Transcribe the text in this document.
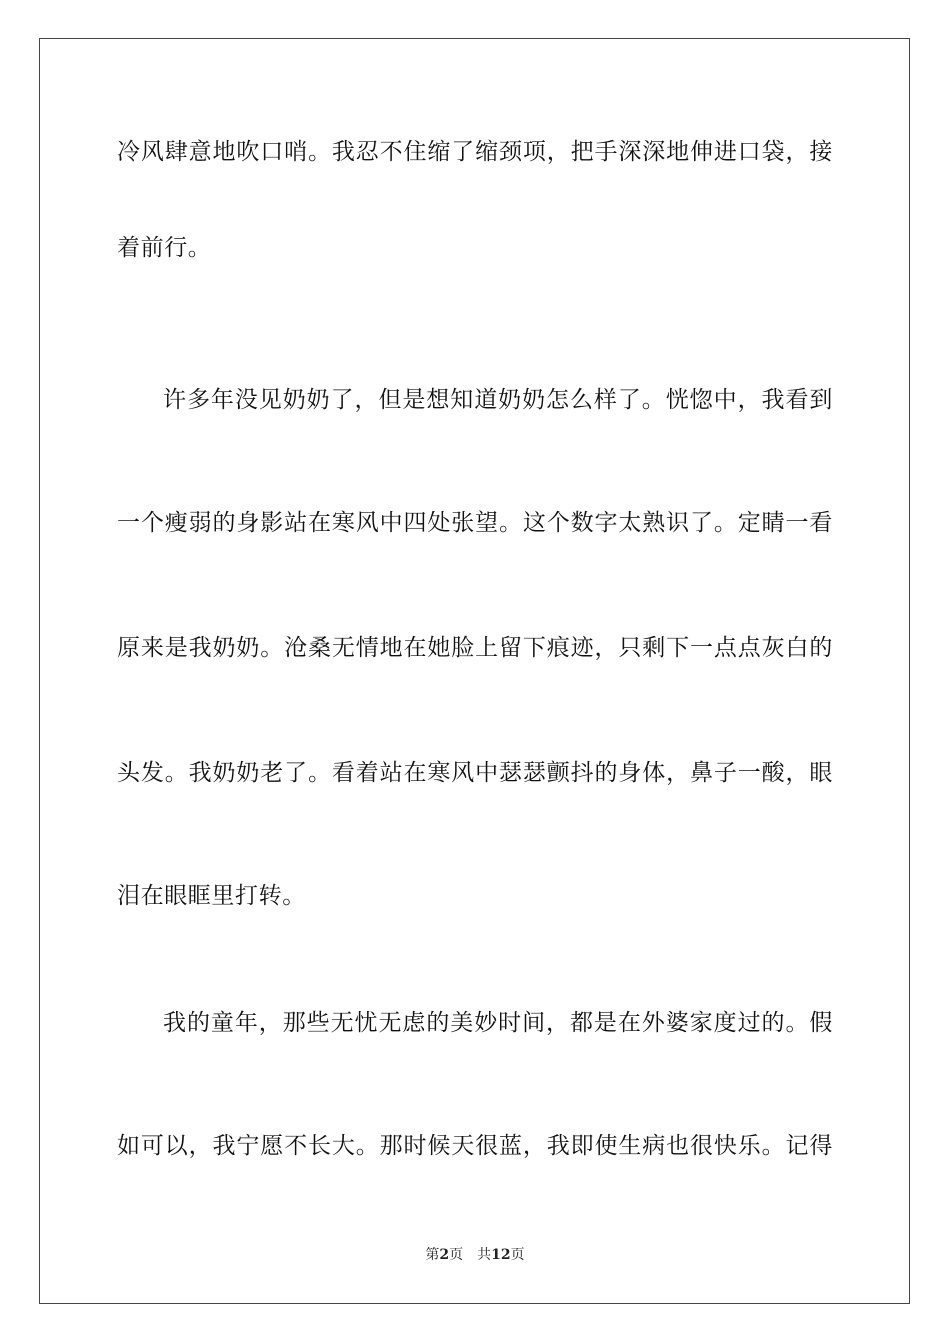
冷风肆意地吹口哨。我忍不住缩了缩颈项，把手深深地伸进口袋，接
着前行。
许多年没见奶奶了，但是想知道奶奶怎么样了。恍惚中，我看到
一个瘦弱的身影站在寒风中四处张望。这个数字太熟识了。定睛一看
原来是我奶奶。沧桑无情地在她脸上留下痕迹，只剩下一点点灰白的
头发。我奶奶老了。看着站在寒风中瑟瑟颤抖的身体，鼻子一酸，眼
泪在眼眶里打转。
我的童年，那些无忧无虑的美妙时间，都是在外婆家度过的。假
如可以，我宁愿不长大。那时候天很蓝，我即使生病也很快乐。记得
第2页 共12页
